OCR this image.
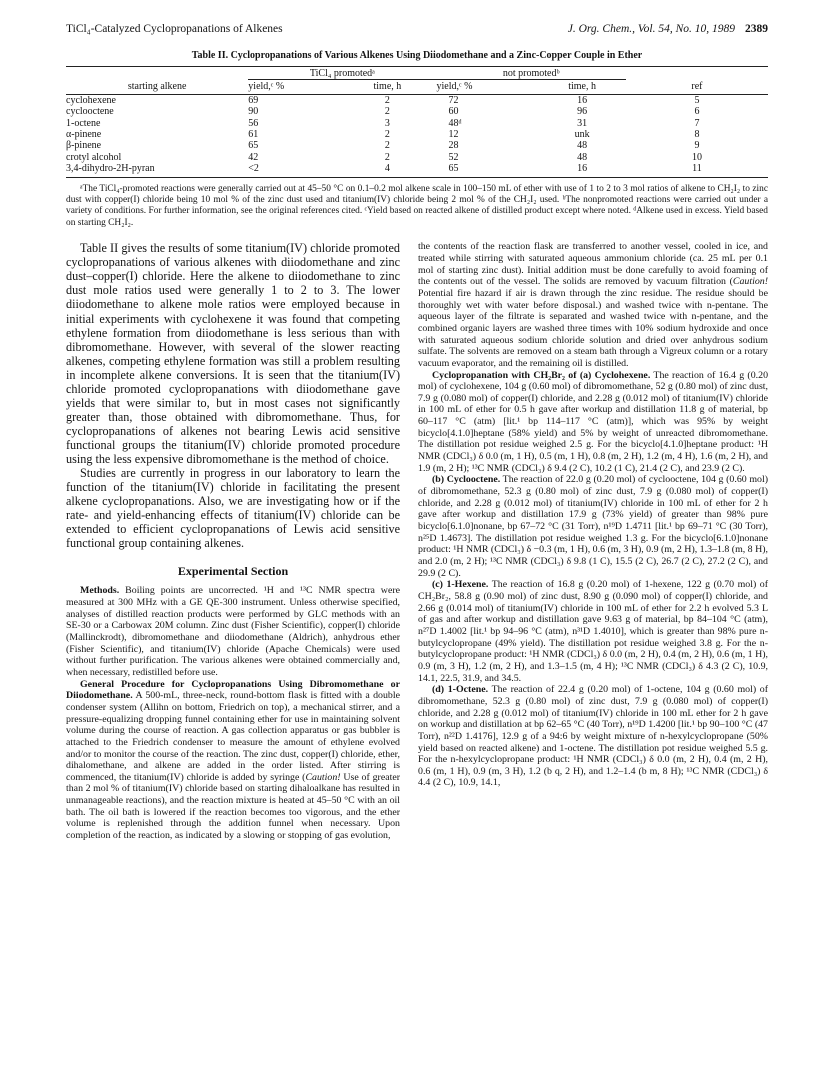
TiCl₄-Catalyzed Cyclopropanations of Alkenes	J. Org. Chem., Vol. 54, No. 10, 1989 2389
Table II. Cyclopropanations of Various Alkenes Using Diiodomethane and a Zinc-Copper Couple in Ether
	TiCl₄ promotedᵃ		not promotedᵇ		
starting alkene	yield,ᶜ %	time, h	yield,ᶜ %	time, h	ref
cyclohexene	69	2	72	16	5
cyclooctene	90	2	60	96	6
1-octene	56	3	48ᵈ	31	7
α-pinene	61	2	12	unk	8
β-pinene	65	2	28	48	9
crotyl alcohol	42	2	52	48	10
3,4-dihydro-2H-pyran	<2	4	65	16	11
ᵃThe TiCl₄-promoted reactions were generally carried out at 45–50 °C on 0.1–0.2 mol alkene scale in 100–150 mL of ether with use of 1 to 2 to 3 mol ratios of alkene to CH₂I₂ to zinc dust with copper(I) chloride being 10 mol % of the zinc dust used and titanium(IV) chloride being 2 mol % of the CH₂I₂ used. ᵇThe nonpromoted reactions were carried out under a variety of conditions. For further information, see the original references cited. ᶜYield based on reacted alkene of distilled product except where noted. ᵈAlkene used in excess. Yield based on starting CH₂I₂.

Table II gives the results of some titanium(IV) chloride promoted cyclopropanations of various alkenes with diiodomethane and zinc dust–copper(I) chloride. Here the alkene to diiodomethane to zinc dust mole ratios used were generally 1 to 2 to 3. The lower diiodomethane to alkene mole ratios were employed because in initial experiments with cyclohexene it was found that competing ethylene formation from diiodomethane is less serious than with dibromomethane. However, with several of the slower reacting alkenes, competing ethylene formation was still a problem resulting in incomplete alkene conversions. It is seen that the titanium(IV) chloride promoted cyclopropanations with diiodomethane gave yields that were similar to, but in most cases not significantly greater than, those obtained with dibromomethane. Thus, for cyclopropanations of alkenes not bearing Lewis acid sensitive functional groups the titanium(IV) chloride promoted procedure using the less expensive dibromomethane is the method of choice.

Studies are currently in progress in our laboratory to learn the function of the titanium(IV) chloride in facilitating the present alkene cyclopropanations. Also, we are investigating how or if the rate- and yield-enhancing effects of titanium(IV) chloride can be extended to efficient cyclopropanations of Lewis acid sensitive functional group containing alkenes.

Experimental Section

Methods. Boiling points are uncorrected. ¹H and ¹³C NMR spectra were measured at 300 MHz with a GE QE-300 instrument. Unless otherwise specified, analyses of distilled reaction products were performed by GLC methods with an SE-30 or a Carbowax 20M column. Zinc dust (Fisher Scientific), copper(I) chloride (Mallinckrodt), dibromomethane and diiodomethane (Aldrich), anhydrous ether (Fisher Scientific), and titanium(IV) chloride (Apache Chemicals) were used without further purification. The various alkenes were obtained commercially and, when necessary, redistilled before use.

General Procedure for Cyclopropanations Using Dibromomethane or Diiodomethane. A 500-mL, three-neck, round-bottom flask is fitted with a double condenser system (Allihn on bottom, Friedrich on top), a mechanical stirrer, and a pressure-equalizing dropping funnel containing ether for use in maintaining solvent volume during the course of reaction. A gas collection apparatus or gas bubbler is attached to the Friedrich condenser to measure the amount of ethylene evolved and/or to monitor the course of the reaction. The zinc dust, copper(I) chloride, ether, dihalomethane, and alkene are added in the order listed. After stirring is commenced, the titanium(IV) chloride is added by syringe (Caution! Use of greater than 2 mol % of titanium(IV) chloride based on starting dihaloalkane has resulted in unmanageable reactions), and the reaction mixture is heated at 45–50 °C with an oil bath. The oil bath is lowered if the reaction becomes too vigorous, and the ether volume is replenished through the addition funnel when necessary. Upon completion of the reaction, as indicated by a slowing or stopping of gas evolution,

the contents of the reaction flask are transferred to another vessel, cooled in ice, and treated while stirring with saturated aqueous ammonium chloride (ca. 25 mL per 0.1 mol of starting zinc dust). Initial addition must be done carefully to avoid foaming of the contents out of the vessel. The solids are removed by vacuum filtration (Caution! Potential fire hazard if air is drawn through the zinc residue. The residue should be thoroughly wet with water before disposal.) and washed twice with n-pentane. The aqueous layer of the filtrate is separated and washed twice with n-pentane, and the combined organic layers are washed three times with 10% sodium hydroxide and once with saturated aqueous sodium chloride solution and dried over anhydrous sodium sulfate. The solvents are removed on a steam bath through a Vigreux column or a rotary vacuum evaporator, and the remaining oil is distilled.

Cyclopropanation with CH₂Br₂ of (a) Cyclohexene. The reaction of 16.4 g (0.20 mol) of cyclohexene, 104 g (0.60 mol) of dibromomethane, 52 g (0.80 mol) of zinc dust, 7.9 g (0.080 mol) of copper(I) chloride, and 2.28 g (0.012 mol) of titanium(IV) chloride in 100 mL of ether for 0.5 h gave after workup and distillation 11.8 g of material, bp 60–117 °C (atm) [lit.¹ bp 114–117 °C (atm)], which was 95% by weight bicyclo[4.1.0]heptane (58% yield) and 5% by weight of unreacted dibromomethane. The distillation pot residue weighed 2.5 g. For the bicyclo[4.1.0]heptane product: ¹H NMR (CDCl₃) δ 0.0 (m, 1 H), 0.5 (m, 1 H), 0.8 (m, 2 H), 1.2 (m, 4 H), 1.6 (m, 2 H), and 1.9 (m, 2 H); ¹³C NMR (CDCl₃) δ 9.4 (2 C), 10.2 (1 C), 21.4 (2 C), and 23.9 (2 C).

(b) Cyclooctene. The reaction of 22.0 g (0.20 mol) of cyclooctene, 104 g (0.60 mol) of dibromomethane, 52.3 g (0.80 mol) of zinc dust, 7.9 g (0.080 mol) of copper(I) chloride, and 2.28 g (0.012 mol) of titanium(IV) chloride in 100 mL of ether for 2 h gave after workup and distillation 17.9 g (73% yield) of greater than 98% pure bicyclo[6.1.0]nonane, bp 67–72 °C (31 Torr), n¹⁹D 1.4711 [lit.¹ bp 69–71 °C (30 Torr), n²⁵D 1.4673]. The distillation pot residue weighed 1.3 g. For the bicyclo[6.1.0]nonane product: ¹H NMR (CDCl₃) δ −0.3 (m, 1 H), 0.6 (m, 3 H), 0.9 (m, 2 H), 1.3–1.8 (m, 8 H), and 2.0 (m, 2 H); ¹³C NMR (CDCl₃) δ 9.8 (1 C), 15.5 (2 C), 26.7 (2 C), 27.2 (2 C), and 29.9 (2 C).

(c) 1-Hexene. The reaction of 16.8 g (0.20 mol) of 1-hexene, 122 g (0.70 mol) of CH₂Br₂, 58.8 g (0.90 mol) of zinc dust, 8.90 g (0.090 mol) of copper(I) chloride, and 2.66 g (0.014 mol) of titanium(IV) chloride in 100 mL of ether for 2.2 h evolved 5.3 L of gas and after workup and distillation gave 9.63 g of material, bp 84–104 °C (atm), n²⁷D 1.4002 [lit.¹ bp 94–96 °C (atm), n³¹D 1.4010], which is greater than 98% pure n-butylcyclopropane (49% yield). The distillation pot residue weighed 3.8 g. For the n-butylcyclopropane product: ¹H NMR (CDCl₃) δ 0.0 (m, 2 H), 0.4 (m, 2 H), 0.6 (m, 1 H), 0.9 (m, 3 H), 1.2 (m, 2 H), and 1.3–1.5 (m, 4 H); ¹³C NMR (CDCl₃) δ 4.3 (2 C), 10.9, 14.1, 22.5, 31.9, and 34.5.

(d) 1-Octene. The reaction of 22.4 g (0.20 mol) of 1-octene, 104 g (0.60 mol) of dibromomethane, 52.3 g (0.80 mol) of zinc dust, 7.9 g (0.080 mol) of copper(I) chloride, and 2.28 g (0.012 mol) of titanium(IV) chloride in 100 mL ether for 2 h gave on workup and distillation at bp 62–65 °C (40 Torr), n¹⁹D 1.4200 [lit.¹ bp 90–100 °C (47 Torr), n²²D 1.4176], 12.9 g of a 94:6 by weight mixture of n-hexylcyclopropane (50% yield based on reacted alkene) and 1-octene. The distillation pot residue weighed 5.5 g. For the n-hexylcyclopropane product: ¹H NMR (CDCl₃) δ 0.0 (m, 2 H), 0.4 (m, 2 H), 0.6 (m, 1 H), 0.9 (m, 3 H), 1.2 (b q, 2 H), and 1.2–1.4 (b m, 8 H); ¹³C NMR (CDCl₃) δ 4.4 (2 C), 10.9, 14.1,
